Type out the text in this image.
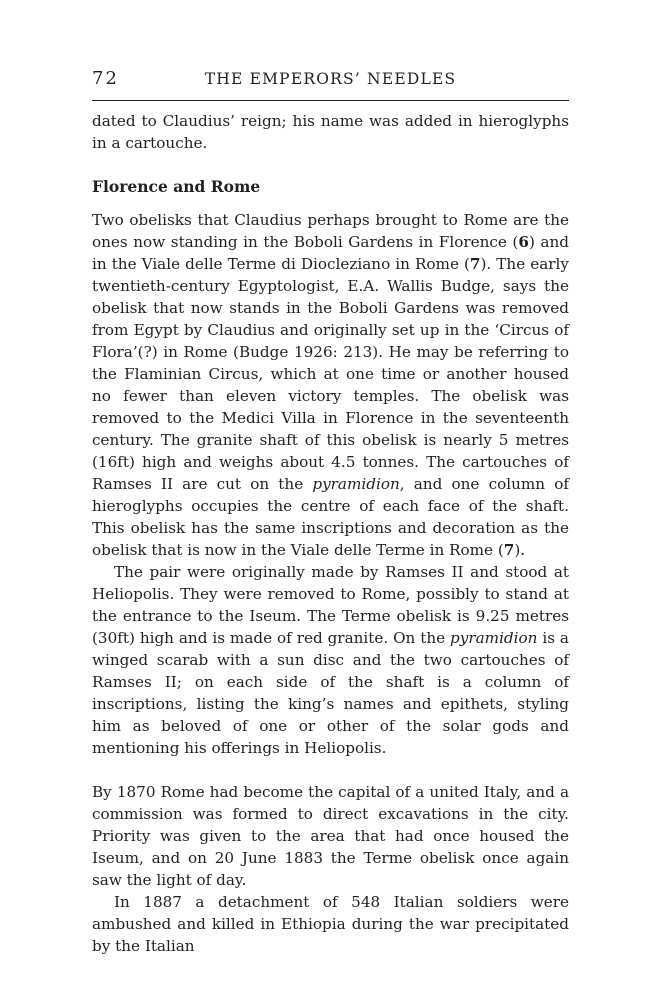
72	THE EMPERORS’ NEEDLES

dated to Claudius’ reign; his name was added in hieroglyphs in a cartouche.

Florence and Rome

Two obelisks that Claudius perhaps brought to Rome are the ones now standing in the Boboli Gardens in Florence (6) and in the Viale delle Terme di Diocleziano in Rome (7). The early twentieth-century Egyptologist, E.A. Wallis Budge, says the obelisk that now stands in the Boboli Gardens was removed from Egypt by Claudius and originally set up in the ‘Circus of Flora’(?) in Rome (Budge 1926: 213). He may be referring to the Flaminian Circus, which at one time or another housed no fewer than eleven victory temples. The obelisk was removed to the Medici Villa in Florence in the seventeenth century. The granite shaft of this obelisk is nearly 5 metres (16ft) high and weighs about 4.5 tonnes. The cartouches of Ramses II are cut on the pyramidion, and one column of hieroglyphs occupies the centre of each face of the shaft. This obelisk has the same inscriptions and decoration as the obelisk that is now in the Viale delle Terme in Rome (7).

The pair were originally made by Ramses II and stood at Heliopolis. They were removed to Rome, possibly to stand at the entrance to the Iseum. The Terme obelisk is 9.25 metres (30ft) high and is made of red granite. On the pyramidion is a winged scarab with a sun disc and the two cartouches of Ramses II; on each side of the shaft is a column of inscriptions, listing the king’s names and epithets, styling him as beloved of one or other of the solar gods and mentioning his offerings in Heliopolis.

By 1870 Rome had become the capital of a united Italy, and a commission was formed to direct excavations in the city. Priority was given to the area that had once housed the Iseum, and on 20 June 1883 the Terme obelisk once again saw the light of day.

In 1887 a detachment of 548 Italian soldiers were ambushed and killed in Ethiopia during the war precipitated by the Italian
